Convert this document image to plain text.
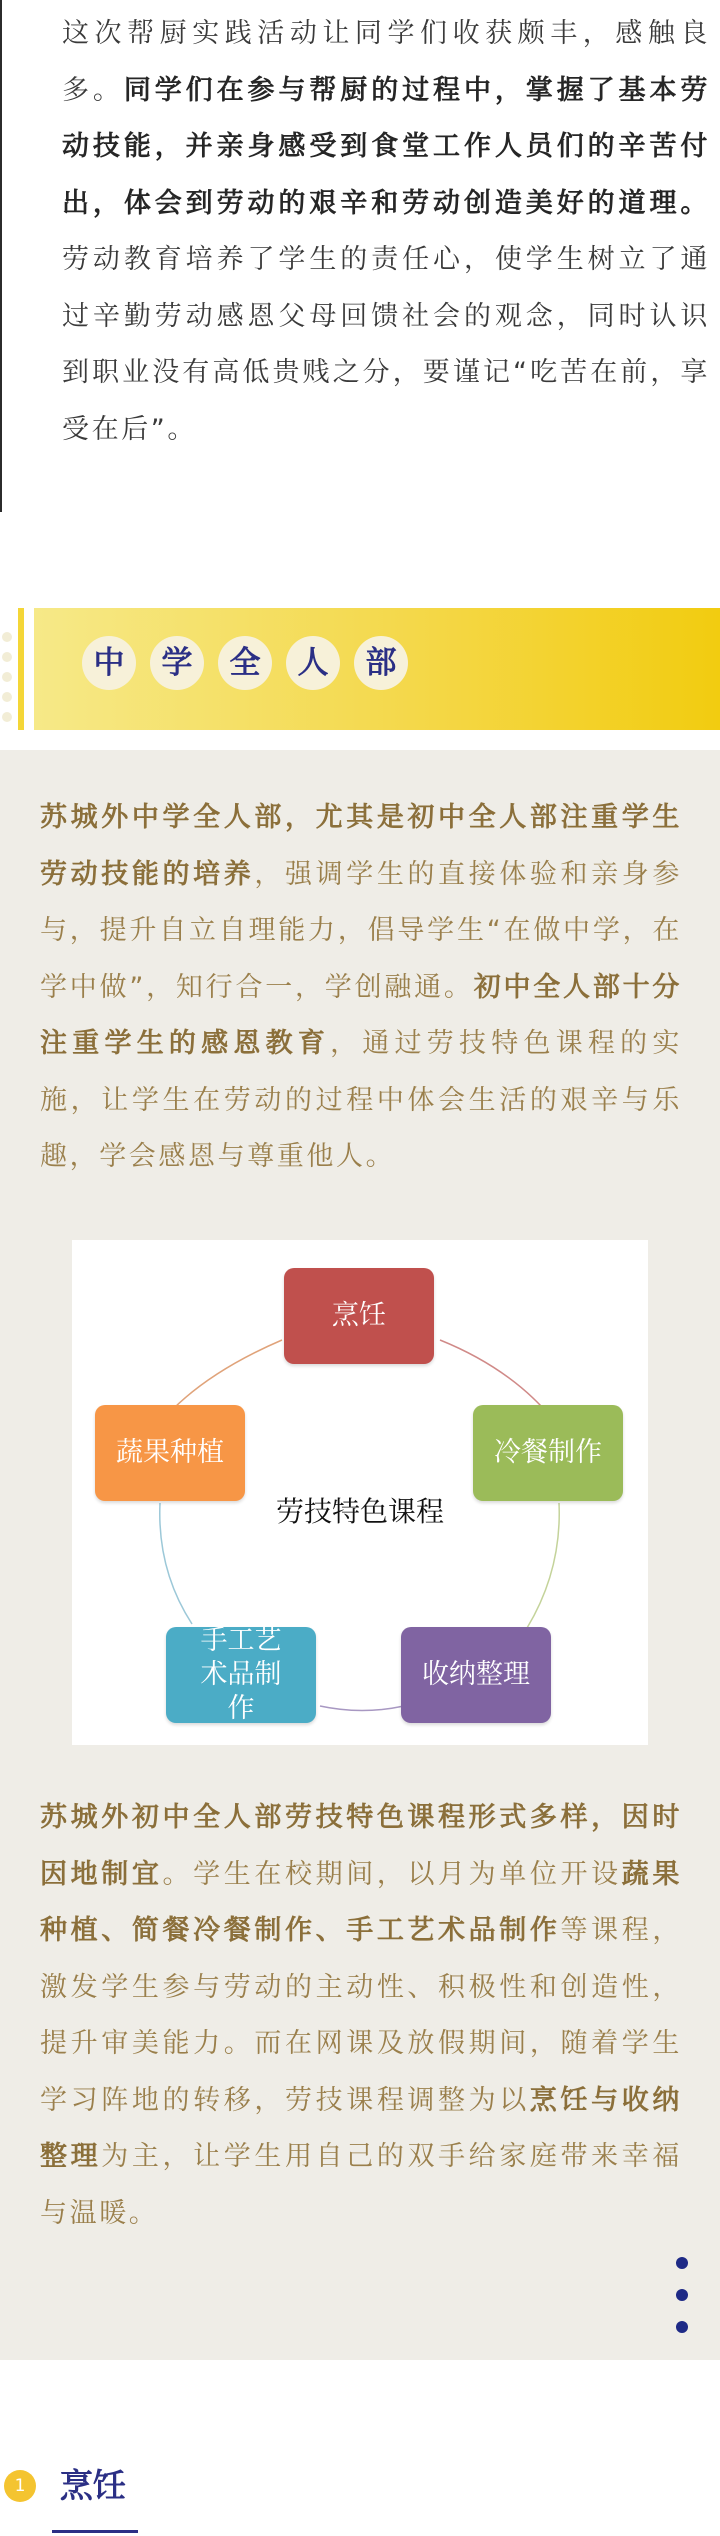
这次帮厨实践活动让同学们收获颇丰，感触良多。同学们在参与帮厨的过程中，掌握了基本劳动技能，并亲身感受到食堂工作人员们的辛苦付出，体会到劳动的艰辛和劳动创造美好的道理。劳动教育培养了学生的责任心，使学生树立了通过辛勤劳动感恩父母回馈社会的观念，同时认识到职业没有高低贵贱之分，要谨记“吃苦在前，享受在后”。

中	学	全	人	部

苏城外中学全人部，尤其是初中全人部注重学生劳动技能的培养，强调学生的直接体验和亲身参与，提升自立自理能力，倡导学生“在做中学，在学中做”，知行合一，学创融通。初中全人部十分注重学生的感恩教育，通过劳技特色课程的实施，让学生在劳动的过程中体会生活的艰辛与乐趣，学会感恩与尊重他人。

烹饪
冷餐制作
收纳整理
手工艺术品制作
蔬果种植
劳技特色课程

苏城外初中全人部劳技特色课程形式多样，因时因地制宜。学生在校期间，以月为单位开设蔬果种植、简餐冷餐制作、手工艺术品制作等课程，激发学生参与劳动的主动性、积极性和创造性，提升审美能力。而在网课及放假期间，随着学生学习阵地的转移，劳技课程调整为以烹饪与收纳整理为主，让学生用自己的双手给家庭带来幸福与温暖。

1	烹饪
